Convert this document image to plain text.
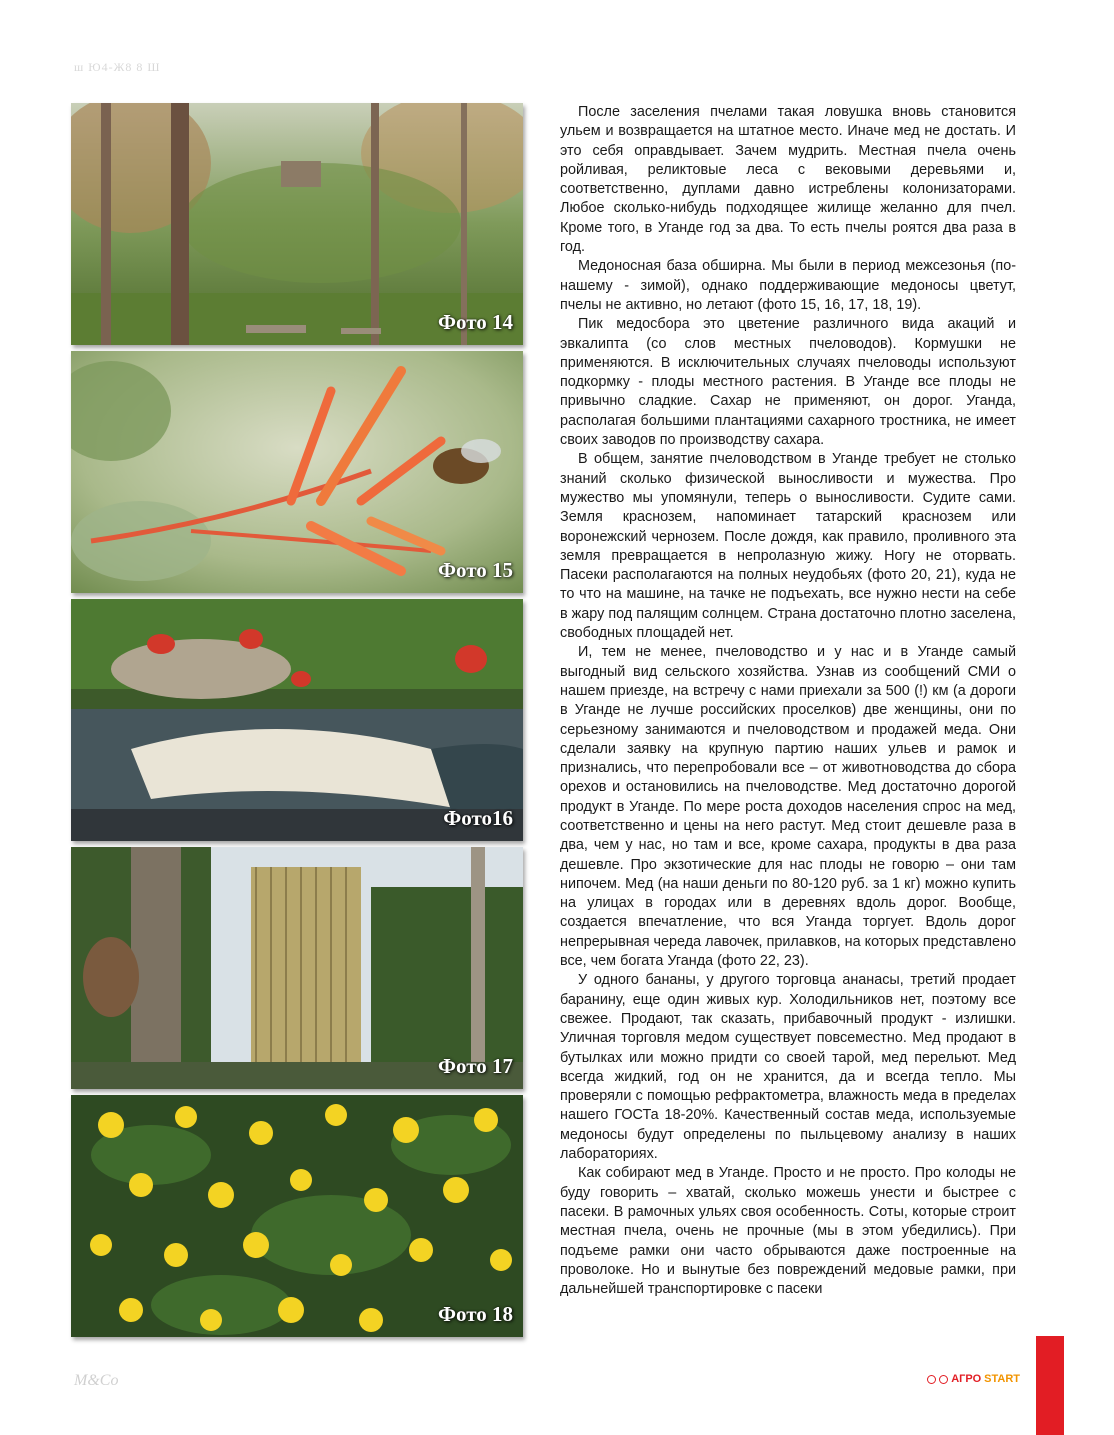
ш Ю4-Ж8 8 Ш
Фото 14
Фото 15
Фото16
Фото 17
Фото 18

После заселения пчелами такая ловушка вновь становится ульем и возвращается на штатное место. Иначе мед не достать. И это себя оправдывает. Зачем мудрить. Местная пчела очень ройливая, реликтовые леса с вековыми деревьями и, соответственно, дуплами давно истреблены колонизаторами. Любое сколько-нибудь подходящее жилище желанно для пчел. Кроме того, в Уганде год за два. То есть пчелы роятся два раза в год.

Медоносная база обширна. Мы были в период межсезонья (по- нашему - зимой), однако поддерживающие медоносы цветут, пчелы не активно, но летают (фото 15, 16, 17, 18, 19).

Пик медосбора это цветение различного вида акаций и эвкалипта (со слов местных пчеловодов). Кормушки не применяются. В исключительных случаях пчеловоды используют подкормку - плоды местного растения. В Уганде все плоды не привычно сладкие. Сахар не применяют, он дорог. Уганда, располагая большими плантациями сахарного тростника, не имеет своих заводов по производству сахара.

В общем, занятие пчеловодством в Уганде требует не столько знаний сколько физической выносливости и мужества. Про мужество мы упомянули, теперь о выносливости. Судите сами. Земля краснозем, напоминает татарский краснозем или воронежский чернозем. После дождя, как правило, проливного эта земля превращается в непролазную жижу. Ногу не оторвать. Пасеки располагаются на полных неудобьях (фото 20, 21), куда не то что на машине, на тачке не подъехать, все нужно нести на себе в жару под палящим солнцем. Страна достаточно плотно заселена, свободных площадей нет.

И, тем не менее, пчеловодство и у нас и в Уганде самый выгодный вид сельского хозяйства. Узнав из сообщений СМИ о нашем приезде, на встречу с нами приехали за 500 (!) км (а дороги в Уганде не лучше российских проселков) две женщины, они по серьезному занимаются и пчеловодством и продажей меда. Они сделали заявку на крупную партию наших ульев и рамок и признались, что перепробовали все – от животноводства до сбора орехов и остановились на пчеловодстве. Мед достаточно дорогой продукт в Уганде. По мере роста доходов населения спрос на мед, соответственно и цены на него растут. Мед стоит дешевле раза в два, чем у нас, но там и все, кроме сахара, продукты в два раза дешевле. Про экзотические для нас плоды не говорю – они там нипочем. Мед (на наши деньги по 80-120 руб. за 1 кг) можно купить на улицах в городах или в деревнях вдоль дорог. Вообще, создается впечатление, что вся Уганда торгует. Вдоль дорог непрерывная череда лавочек, прилавков, на которых представлено все, чем богата Уганда (фото 22, 23).

У одного бананы, у другого торговца ананасы, третий продает баранину, еще один живых кур. Холодильников нет, поэтому все свежее. Продают, так сказать, прибавочный продукт - излишки. Уличная торговля медом существует повсеместно. Мед продают в бутылках или можно придти со своей тарой, мед перельют. Мед всегда жидкий, год он не хранится, да и всегда тепло. Мы проверяли с помощью рефрактометра, влажность меда в пределах нашего ГОСТа 18-20%. Качественный состав меда, используемые медоносы будут определены по пыльцевому анализу в наших лабораториях.

Как собирают мед в Уганде. Просто и не просто. Про колоды не буду говорить – хватай, сколько можешь унести и быстрее с пасеки. В рамочных ульях своя особенность. Соты, которые строит местная пчела, очень не прочные (мы в этом убедились). При подъеме рамки они часто обрываются даже построенные на проволоке. Но и вынутые без повреждений медовые рамки, при дальнейшей транспортировке с пасеки

M&Co	АГРО START
